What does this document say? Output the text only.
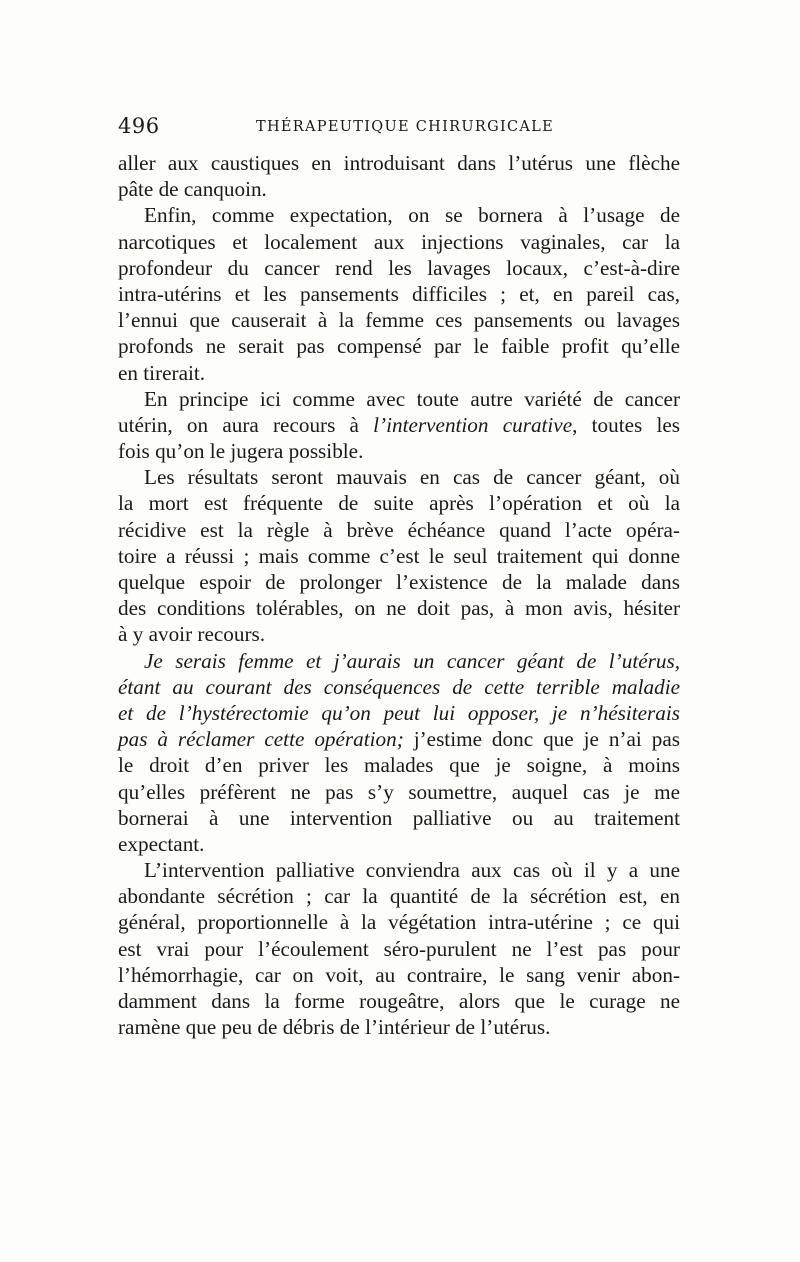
496	THÉRAPEUTIQUE CHIRURGICALE
aller aux caustiques en introduisant dans l’utérus une flèche
pâte de canquoin.
Enfin, comme expectation, on se bornera à l’usage de
narcotiques et localement aux injections vaginales, car la
profondeur du cancer rend les lavages locaux, c’est-à-dire
intra-utérins et les pansements difficiles ; et, en pareil cas,
l’ennui que causerait à la femme ces pansements ou lavages
profonds ne serait pas compensé par le faible profit qu’elle
en tirerait.
En principe ici comme avec toute autre variété de cancer
utérin, on aura recours à l’intervention curative, toutes les
fois qu’on le jugera possible.
Les résultats seront mauvais en cas de cancer géant, où
la mort est fréquente de suite après l’opération et où la
récidive est la règle à brève échéance quand l’acte opéra-
toire a réussi ; mais comme c’est le seul traitement qui donne
quelque espoir de prolonger l’existence de la malade dans
des conditions tolérables, on ne doit pas, à mon avis, hésiter
à y avoir recours.
Je serais femme et j’aurais un cancer géant de l’utérus,
étant au courant des conséquences de cette terrible maladie
et de l’hystérectomie qu’on peut lui opposer, je n’hésiterais
pas à réclamer cette opération; j’estime donc que je n’ai pas
le droit d’en priver les malades que je soigne, à moins
qu’elles préfèrent ne pas s’y soumettre, auquel cas je me
bornerai à une intervention palliative ou au traitement
expectant.
L’intervention palliative conviendra aux cas où il y a une
abondante sécrétion ; car la quantité de la sécrétion est, en
général, proportionnelle à la végétation intra-utérine ; ce qui
est vrai pour l’écoulement séro-purulent ne l’est pas pour
l’hémorrhagie, car on voit, au contraire, le sang venir abon-
damment dans la forme rougeâtre, alors que le curage ne
ramène que peu de débris de l’intérieur de l’utérus.
